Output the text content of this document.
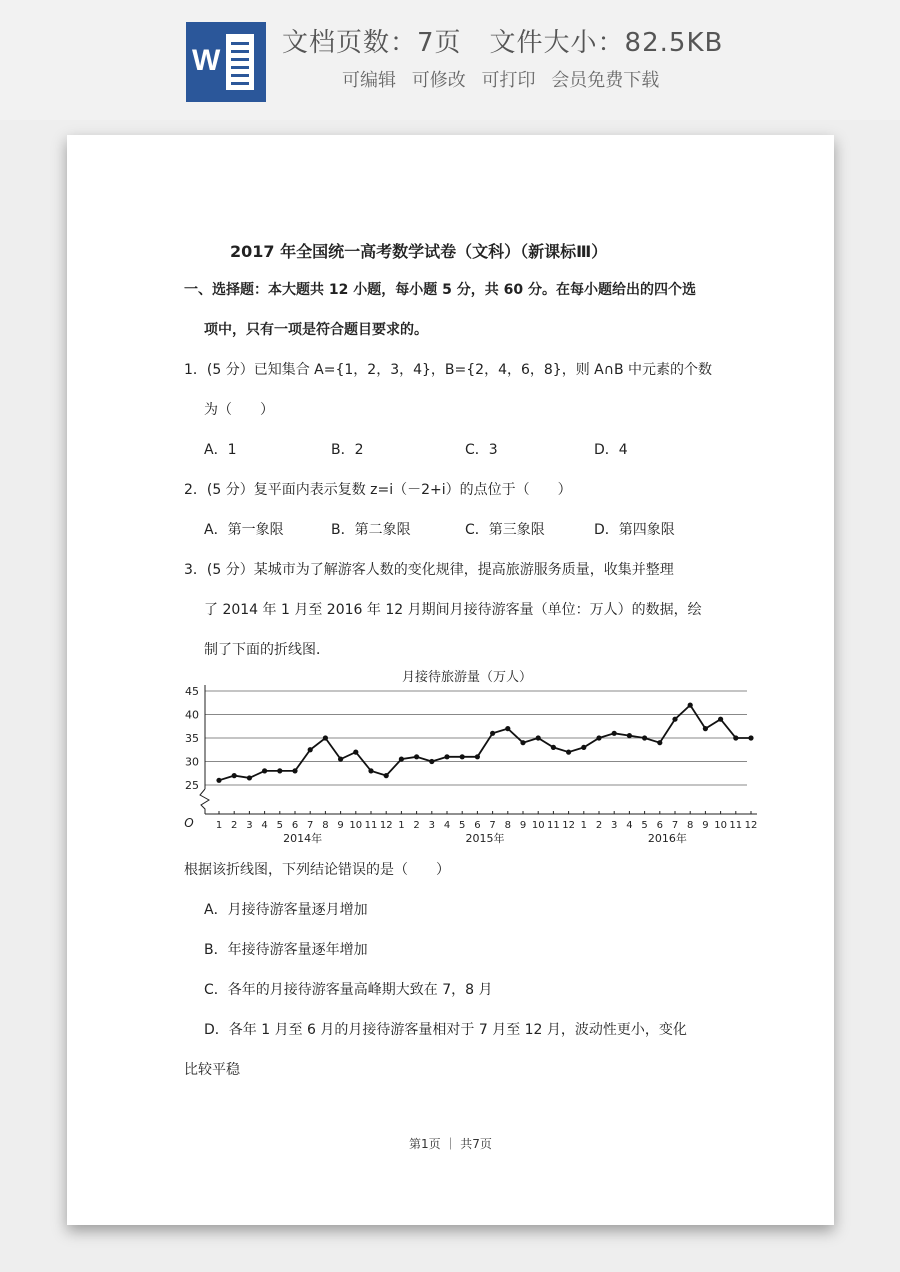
W
文档页数：7页 文件大小：82.5KB
可编辑 可修改 可打印 会员免费下载
2017 年全国统一高考数学试卷（文科）（新课标Ⅲ）
一、选择题：本大题共 12 小题，每小题 5 分，共 60 分。在每小题给出的四个选
项中，只有一项是符合题目要求的。
1．(5 分）已知集合 A={1，2，3，4}，B={2，4，6，8}，则 A∩B 中元素的个数
为（　　）
A．1	B．2	C．3	D．4
2．(5 分）复平面内表示复数 z=i（－2+i）的点位于（　　）
A．第一象限	B．第二象限	C．第三象限	D．第四象限
3．(5 分）某城市为了解游客人数的变化规律，提高旅游服务质量，收集并整理
了 2014 年 1 月至 2016 年 12 月期间月接待游客量（单位：万人）的数据，绘
制了下面的折线图．
月接待旅游量（万人）
25
30
35
40
45
O 1 2 3 4 5 6 7 8 9 10 11 12 1 2 3 4 5 6 7 8 9 10 11 12 1 2 3 4 5 6 7 8 9 10 11 12
2014年	2015年	2016年
根据该折线图，下列结论错误的是（　　）
A．月接待游客量逐月增加
B．年接待游客量逐年增加
C．各年的月接待游客量高峰期大致在 7，8 月
D．各年 1 月至 6 月的月接待游客量相对于 7 月至 12 月，波动性更小，变化
比较平稳
第1页 ｜ 共7页
